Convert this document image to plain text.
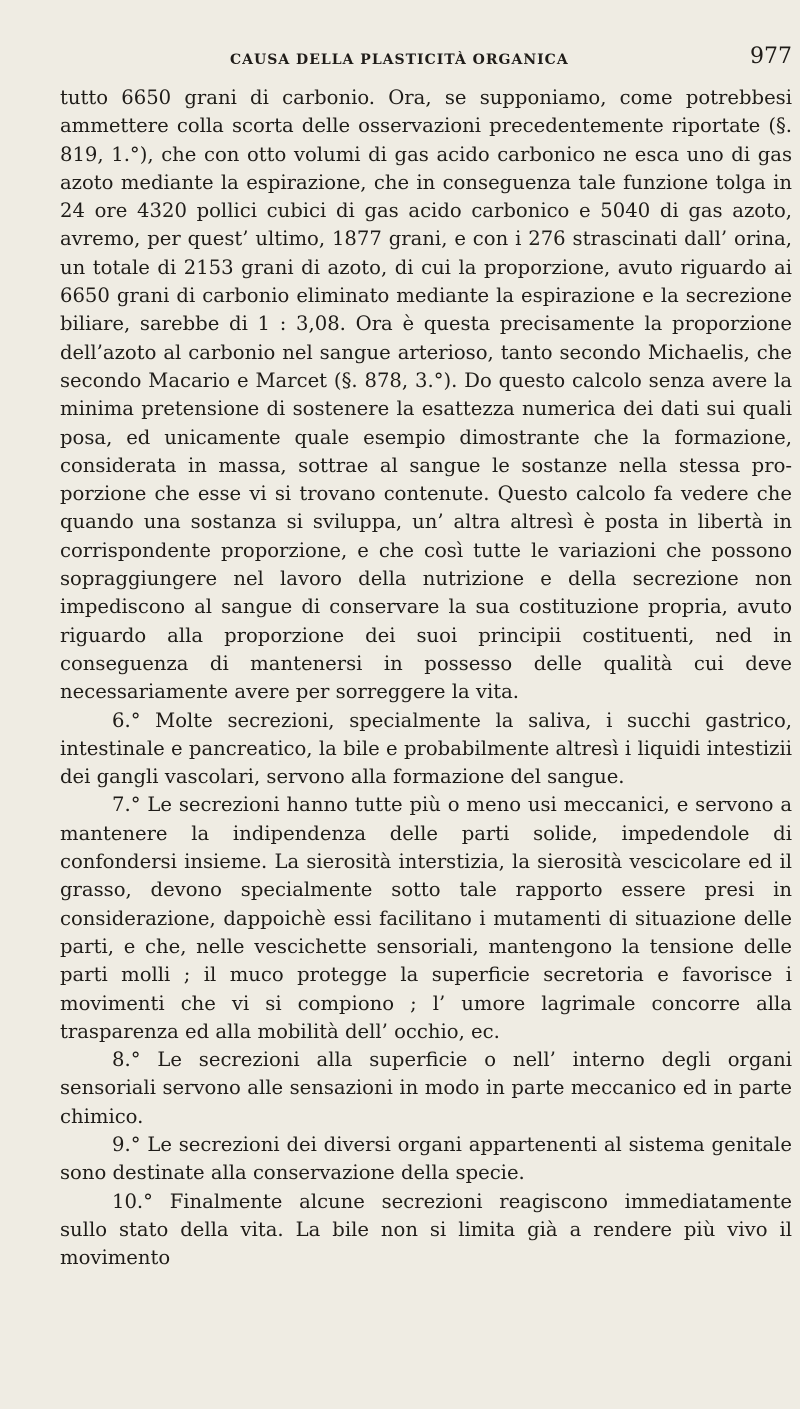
CAUSA DELLA PLASTICITÀ ORGANICA	977

tutto 6650 grani di carbonio. Ora, se supponiamo, come potrebbesi ammettere colla scorta delle osservazioni precedentemente riportate (§. 819, 1.°), che con otto volumi di gas acido carbonico ne esca uno di gas azoto mediante la espirazione, che in conseguenza tale funzione tolga in 24 ore 4320 pollici cubici di gas acido carbonico e 5040 di gas azoto, avremo, per quest’ ultimo, 1877 grani, e con i 276 strascinati dall’ orina, un totale di 2153 grani di azoto, di cui la proporzione, avuto riguardo ai 6650 grani di carbonio eliminato mediante la espirazione e la secrezione biliare, sarebbe di 1 : 3,08. Ora è questa precisamente la proporzione dell’azoto al carbonio nel sangue arterioso, tanto secondo Michaelis, che secondo Macario e Marcet (§. 878, 3.°). Do questo calcolo senza avere la minima pretensione di sostenere la esattezza numerica dei dati sui quali posa, ed unicamente quale esempio dimostrante che la formazione, considerata in massa, sottrae al sangue le sostanze nella stessa proporzione che esse vi si trovano contenute. Questo calcolo fa vedere che quando una sostanza si sviluppa, un’ altra altresì è posta in libertà in corrispondente proporzione, e che così tutte le variazioni che possono sopraggiungere nel lavoro della nutrizione e della secrezione non impediscono al sangue di conservare la sua costituzione propria, avuto riguardo alla proporzione dei suoi principii costituenti, ned in conseguenza di mantenersi in possesso delle qualità cui deve necessariamente avere per sorreggere la vita.

6.° Molte secrezioni, specialmente la saliva, i succhi gastrico, intestinale e pancreatico, la bile e probabilmente altresì i liquidi intestizii dei gangli vascolari, servono alla formazione del sangue.

7.° Le secrezioni hanno tutte più o meno usi meccanici, e servono a mantenere la indipendenza delle parti solide, impedendole di confondersi insieme. La sierosità interstizia, la sierosità vescicolare ed il grasso, devono specialmente sotto tale rapporto essere presi in considerazione, dappoichè essi facilitano i mutamenti di situazione delle parti, e che, nelle vescichette sensoriali, mantengono la tensione delle parti molli ; il muco protegge la superficie secretoria e favorisce i movimenti che vi si compiono ; l’ umore lagrimale concorre alla trasparenza ed alla mobilità dell’ occhio, ec.

8.° Le secrezioni alla superficie o nell’ interno degli organi sensoriali servono alle sensazioni in modo in parte meccanico ed in parte chimico.

9.° Le secrezioni dei diversi organi appartenenti al sistema genitale sono destinate alla conservazione della specie.

10.° Finalmente alcune secrezioni reagiscono immediatamente sullo stato della vita. La bile non si limita già a rendere più vivo il movimento
